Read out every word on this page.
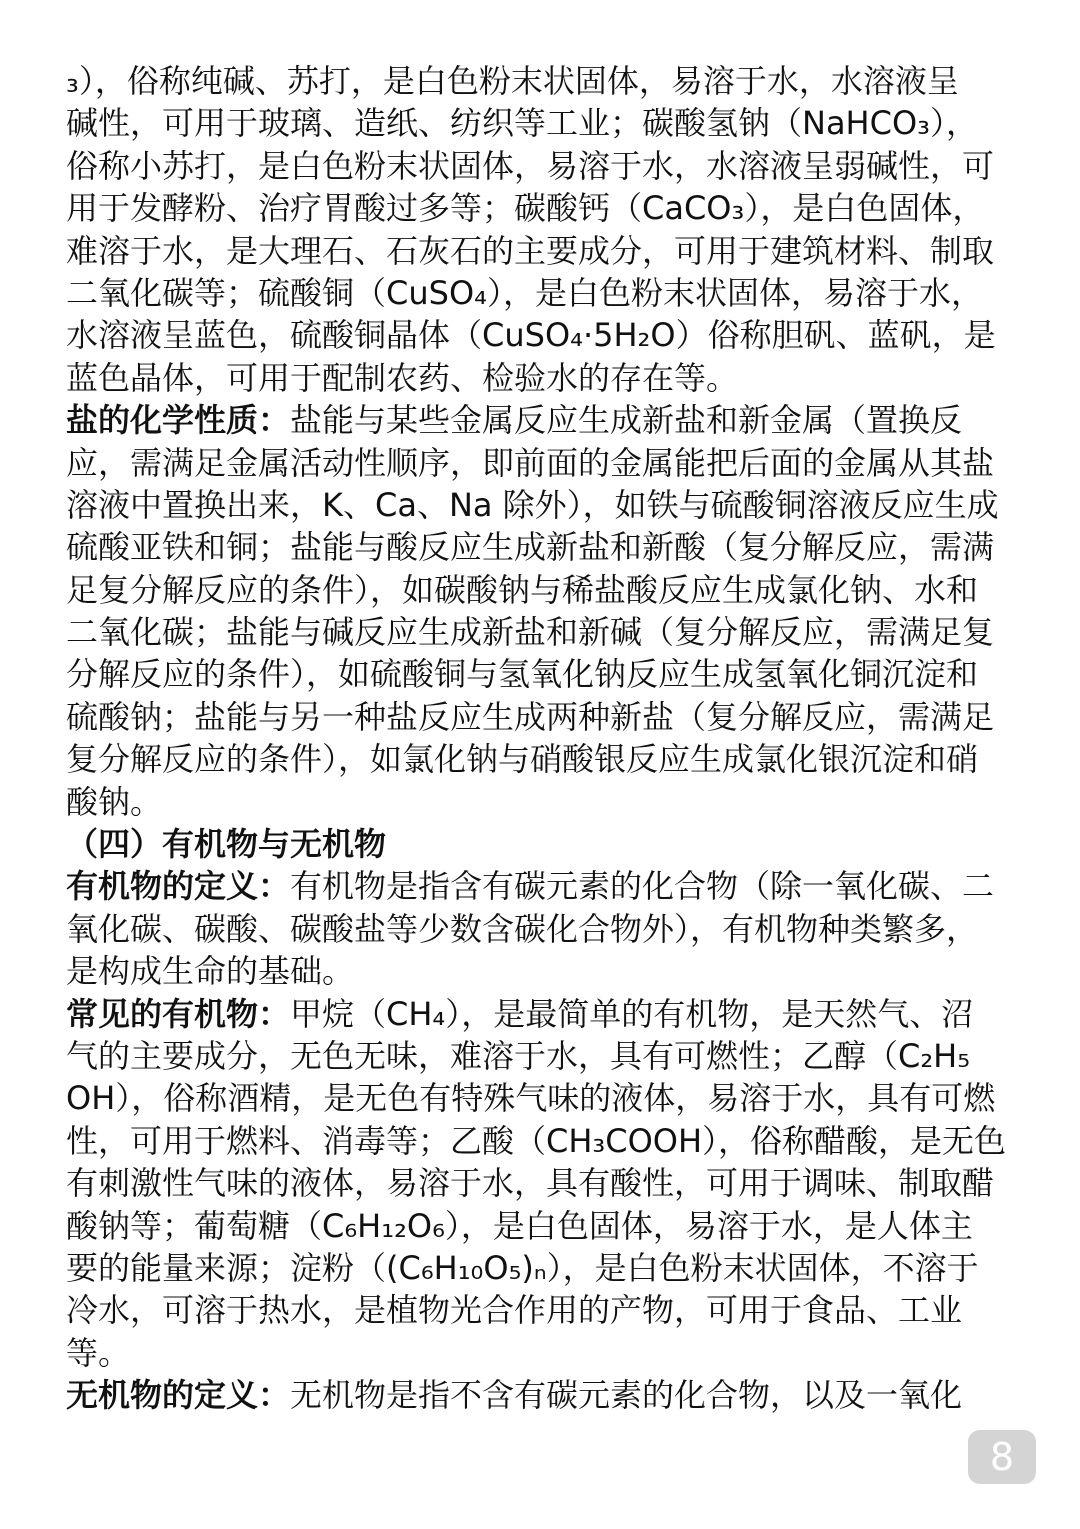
₃），俗称纯碱、苏打，是白色粉末状固体，易溶于水，水溶液呈
碱性，可用于玻璃、造纸、纺织等工业；碳酸氢钠（NaHCO₃），
俗称小苏打，是白色粉末状固体，易溶于水，水溶液呈弱碱性，可
用于发酵粉、治疗胃酸过多等；碳酸钙（CaCO₃），是白色固体，
难溶于水，是大理石、石灰石的主要成分，可用于建筑材料、制取
二氧化碳等；硫酸铜（CuSO₄），是白色粉末状固体，易溶于水，
水溶液呈蓝色，硫酸铜晶体（CuSO₄·5H₂O）俗称胆矾、蓝矾，是
蓝色晶体，可用于配制农药、检验水的存在等。
盐的化学性质：盐能与某些金属反应生成新盐和新金属（置换反
应，需满足金属活动性顺序，即前面的金属能把后面的金属从其盐
溶液中置换出来，K、Ca、Na 除外），如铁与硫酸铜溶液反应生成
硫酸亚铁和铜；盐能与酸反应生成新盐和新酸（复分解反应，需满
足复分解反应的条件），如碳酸钠与稀盐酸反应生成氯化钠、水和
二氧化碳；盐能与碱反应生成新盐和新碱（复分解反应，需满足复
分解反应的条件），如硫酸铜与氢氧化钠反应生成氢氧化铜沉淀和
硫酸钠；盐能与另一种盐反应生成两种新盐（复分解反应，需满足
复分解反应的条件），如氯化钠与硝酸银反应生成氯化银沉淀和硝
酸钠。
（四）有机物与无机物
有机物的定义：有机物是指含有碳元素的化合物（除一氧化碳、二
氧化碳、碳酸、碳酸盐等少数含碳化合物外），有机物种类繁多，
是构成生命的基础。
常见的有机物：甲烷（CH₄），是最简单的有机物，是天然气、沼
气的主要成分，无色无味，难溶于水，具有可燃性；乙醇（C₂H₅
OH），俗称酒精，是无色有特殊气味的液体，易溶于水，具有可燃
性，可用于燃料、消毒等；乙酸（CH₃COOH），俗称醋酸，是无色
有刺激性气味的液体，易溶于水，具有酸性，可用于调味、制取醋
酸钠等；葡萄糖（C₆H₁₂O₆），是白色固体，易溶于水，是人体主
要的能量来源；淀粉（(C₆H₁₀O₅)ₙ），是白色粉末状固体，不溶于
冷水，可溶于热水，是植物光合作用的产物，可用于食品、工业
等。
无机物的定义：无机物是指不含有碳元素的化合物，以及一氧化
8
